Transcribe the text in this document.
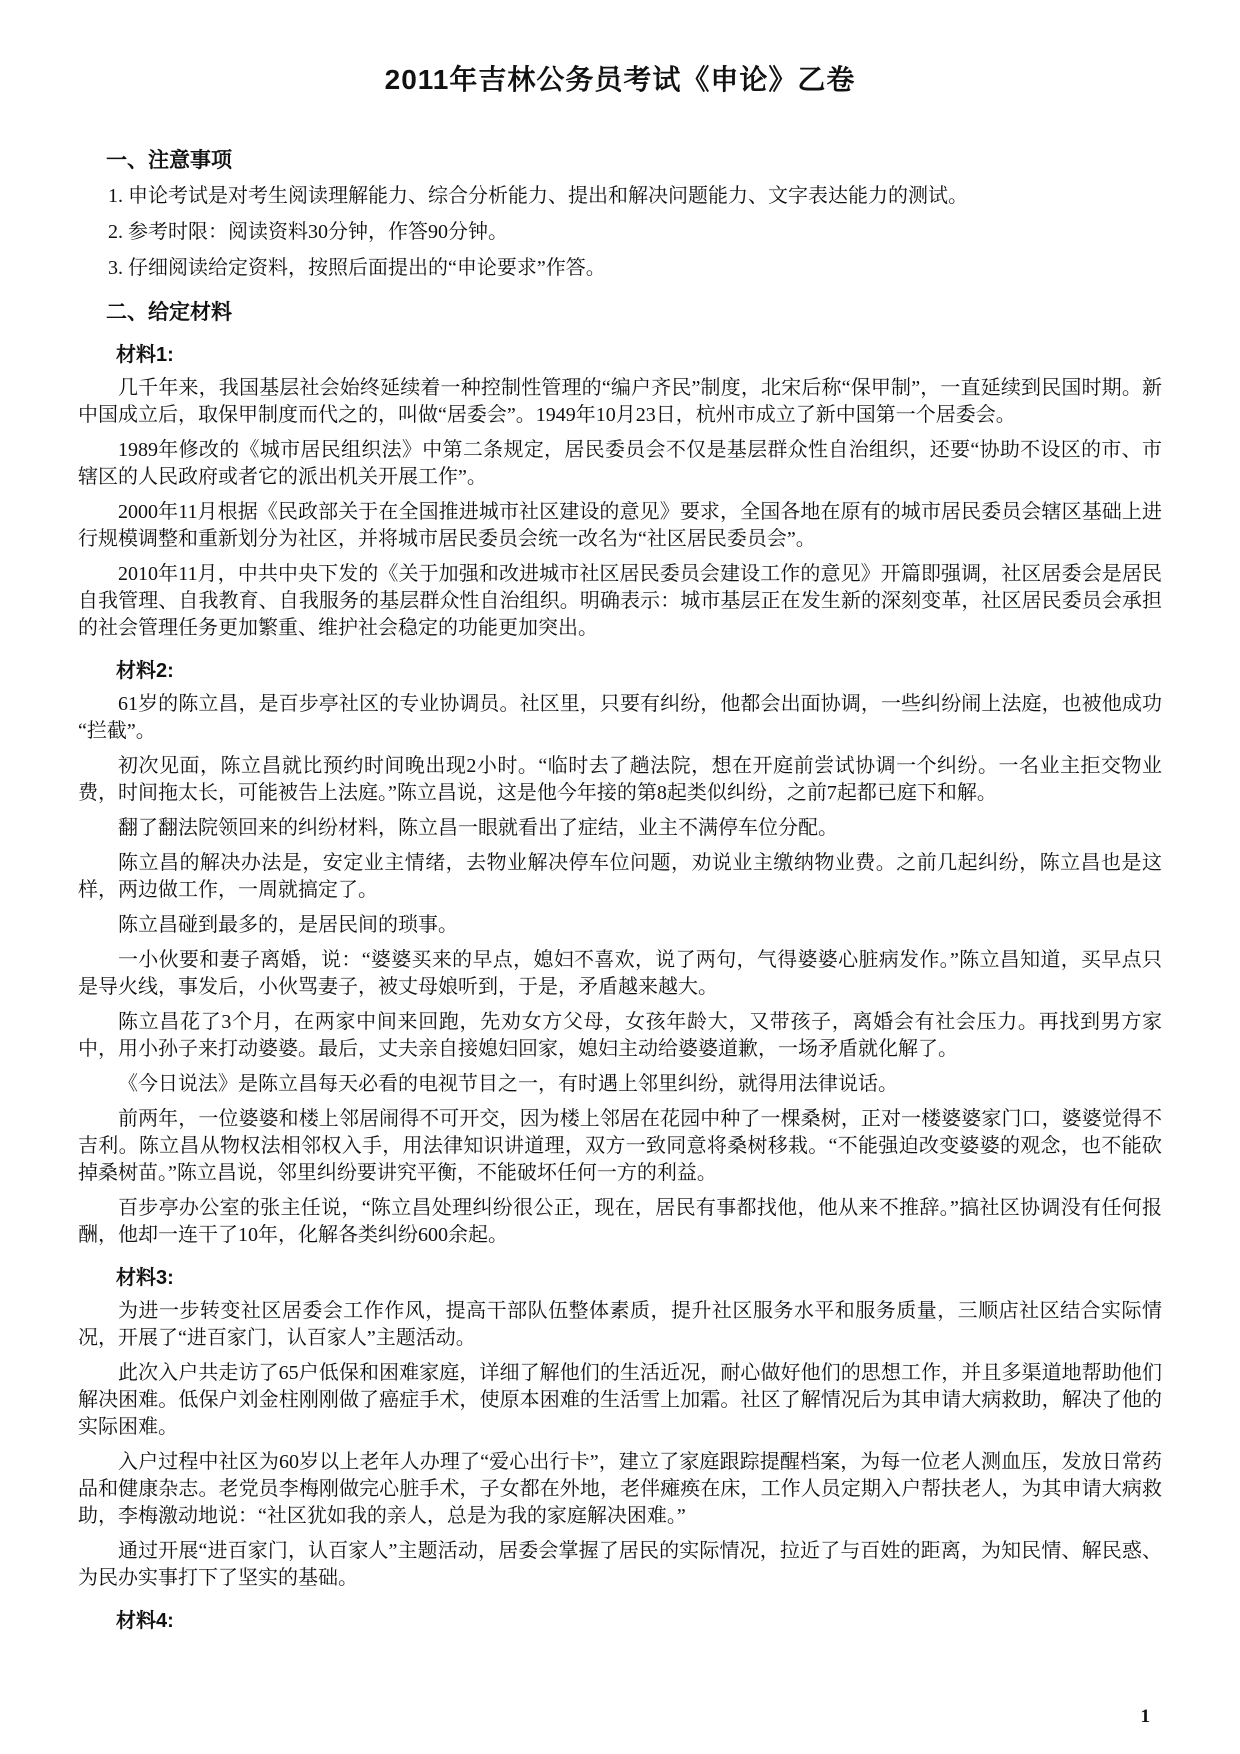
2011年吉林公务员考试《申论》乙卷
一、注意事项

1. 申论考试是对考生阅读理解能力、综合分析能力、提出和解决问题能力、文字表达能力的测试。

2. 参考时限：阅读资料30分钟，作答90分钟。

3. 仔细阅读给定资料，按照后面提出的“申论要求”作答。

二、给定材料

材料1:

几千年来，我国基层社会始终延续着一种控制性管理的“编户齐民”制度，北宋后称“保甲制”，一直延续到民国时期。新中国成立后，取保甲制度而代之的，叫做“居委会”。1949年10月23日，杭州市成立了新中国第一个居委会。

1989年修改的《城市居民组织法》中第二条规定，居民委员会不仅是基层群众性自治组织，还要“协助不设区的市、市辖区的人民政府或者它的派出机关开展工作”。

2000年11月根据《民政部关于在全国推进城市社区建设的意见》要求，全国各地在原有的城市居民委员会辖区基础上进行规模调整和重新划分为社区，并将城市居民委员会统一改名为“社区居民委员会”。

2010年11月，中共中央下发的《关于加强和改进城市社区居民委员会建设工作的意见》开篇即强调，社区居委会是居民自我管理、自我教育、自我服务的基层群众性自治组织。明确表示：城市基层正在发生新的深刻变革，社区居民委员会承担的社会管理任务更加繁重、维护社会稳定的功能更加突出。

材料2:

61岁的陈立昌，是百步亭社区的专业协调员。社区里，只要有纠纷，他都会出面协调，一些纠纷闹上法庭，也被他成功“拦截”。

初次见面，陈立昌就比预约时间晚出现2小时。“临时去了趟法院，想在开庭前尝试协调一个纠纷。一名业主拒交物业费，时间拖太长，可能被告上法庭。”陈立昌说，这是他今年接的第8起类似纠纷，之前7起都已庭下和解。

翻了翻法院领回来的纠纷材料，陈立昌一眼就看出了症结，业主不满停车位分配。

陈立昌的解决办法是，安定业主情绪，去物业解决停车位问题，劝说业主缴纳物业费。之前几起纠纷，陈立昌也是这样，两边做工作，一周就搞定了。

陈立昌碰到最多的，是居民间的琐事。

一小伙要和妻子离婚，说：“婆婆买来的早点，媳妇不喜欢，说了两句，气得婆婆心脏病发作。”陈立昌知道，买早点只是导火线，事发后，小伙骂妻子，被丈母娘听到，于是，矛盾越来越大。

陈立昌花了3个月，在两家中间来回跑，先劝女方父母，女孩年龄大，又带孩子，离婚会有社会压力。再找到男方家中，用小孙子来打动婆婆。最后，丈夫亲自接媳妇回家，媳妇主动给婆婆道歉，一场矛盾就化解了。

《今日说法》是陈立昌每天必看的电视节目之一，有时遇上邻里纠纷，就得用法律说话。

前两年，一位婆婆和楼上邻居闹得不可开交，因为楼上邻居在花园中种了一棵桑树，正对一楼婆婆家门口，婆婆觉得不吉利。陈立昌从物权法相邻权入手，用法律知识讲道理，双方一致同意将桑树移栽。“不能强迫改变婆婆的观念，也不能砍掉桑树苗。”陈立昌说，邻里纠纷要讲究平衡，不能破坏任何一方的利益。

百步亭办公室的张主任说，“陈立昌处理纠纷很公正，现在，居民有事都找他，他从来不推辞。”搞社区协调没有任何报酬，他却一连干了10年，化解各类纠纷600余起。

材料3:

为进一步转变社区居委会工作作风，提高干部队伍整体素质，提升社区服务水平和服务质量，三顺店社区结合实际情况，开展了“进百家门，认百家人”主题活动。

此次入户共走访了65户低保和困难家庭，详细了解他们的生活近况，耐心做好他们的思想工作，并且多渠道地帮助他们解决困难。低保户刘金柱刚刚做了癌症手术，使原本困难的生活雪上加霜。社区了解情况后为其申请大病救助，解决了他的实际困难。

入户过程中社区为60岁以上老年人办理了“爱心出行卡”，建立了家庭跟踪提醒档案，为每一位老人测血压，发放日常药品和健康杂志。老党员李梅刚做完心脏手术，子女都在外地，老伴瘫痪在床，工作人员定期入户帮扶老人，为其申请大病救助，李梅激动地说：“社区犹如我的亲人，总是为我的家庭解决困难。”

通过开展“进百家门，认百家人”主题活动，居委会掌握了居民的实际情况，拉近了与百姓的距离，为知民情、解民惑、为民办实事打下了坚实的基础。

材料4:

1
